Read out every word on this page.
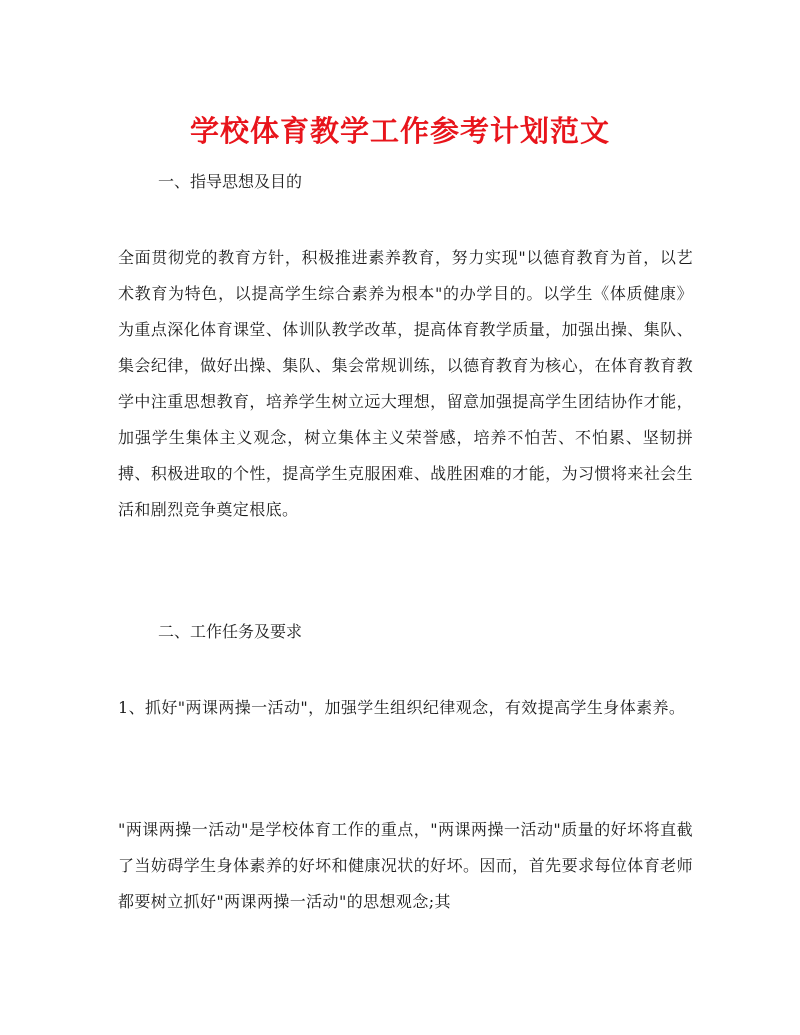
学校体育教学工作参考计划范文

一、指导思想及目的

全面贯彻党的教育方针，积极推进素养教育，努力实现"以德育教育为首，以艺术教育为特色，以提高学生综合素养为根本"的办学目的。以学生《体质健康》为重点深化体育课堂、体训队教学改革，提高体育教学质量，加强出操、集队、集会纪律，做好出操、集队、集会常规训练，以德育教育为核心，在体育教育教学中注重思想教育，培养学生树立远大理想，留意加强提高学生团结协作才能，加强学生集体主义观念，树立集体主义荣誉感，培养不怕苦、不怕累、坚韧拼搏、积极进取的个性，提高学生克服困难、战胜困难的才能，为习惯将来社会生活和剧烈竞争奠定根底。

二、工作任务及要求

1、抓好"两课两操一活动"，加强学生组织纪律观念，有效提高学生身体素养。

"两课两操一活动"是学校体育工作的重点，"两课两操一活动"质量的好坏将直截了当妨碍学生身体素养的好坏和健康况状的好坏。因而，首先要求每位体育老师都要树立抓好"两课两操一活动"的思想观念;其
